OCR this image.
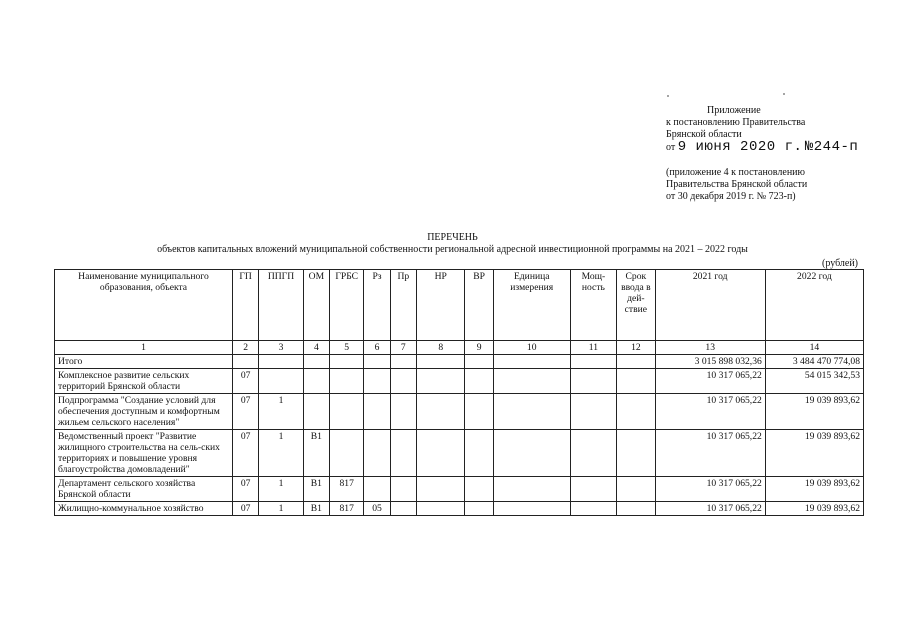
Приложение
к постановлению Правительства
Брянской области
от 9 июня 2020 г. №244-п
(приложение 4 к постановлению
Правительства Брянской области
от 30 декабря 2019 г. № 723-п)
ПЕРЕЧЕНЬ
объектов капитальных вложений муниципальной собственности региональной адресной инвестиционной программы на 2021 – 2022 годы
(рублей)
Наименование муниципального образования, объекта	ГП	ППГП	ОМ	ГРБС	Рз	Пр	НР	ВР	Единица измерения	Мощ-ность	Срок ввода в дей-ствие	2021 год	2022 год
1	2	3	4	5	6	7	8	9	10	11	12	13	14
Итого												3 015 898 032,36	3 484 470 774,08
Комплексное развитие сельских территорий Брянской области	07											10 317 065,22	54 015 342,53
Подпрограмма "Создание условий для обеспечения доступным и комфортным жильем сельского населения"	07	1										10 317 065,22	19 039 893,62
Ведомственный проект "Развитие жилищного строительства на сель-ских территориях и повышение уровня благоустройства домовладений"	07	1	В1									10 317 065,22	19 039 893,62
Департамент сельского хозяйства Брянской области	07	1	В1	817								10 317 065,22	19 039 893,62
Жилищно-коммунальное хозяйство	07	1	В1	817	05							10 317 065,22	19 039 893,62
